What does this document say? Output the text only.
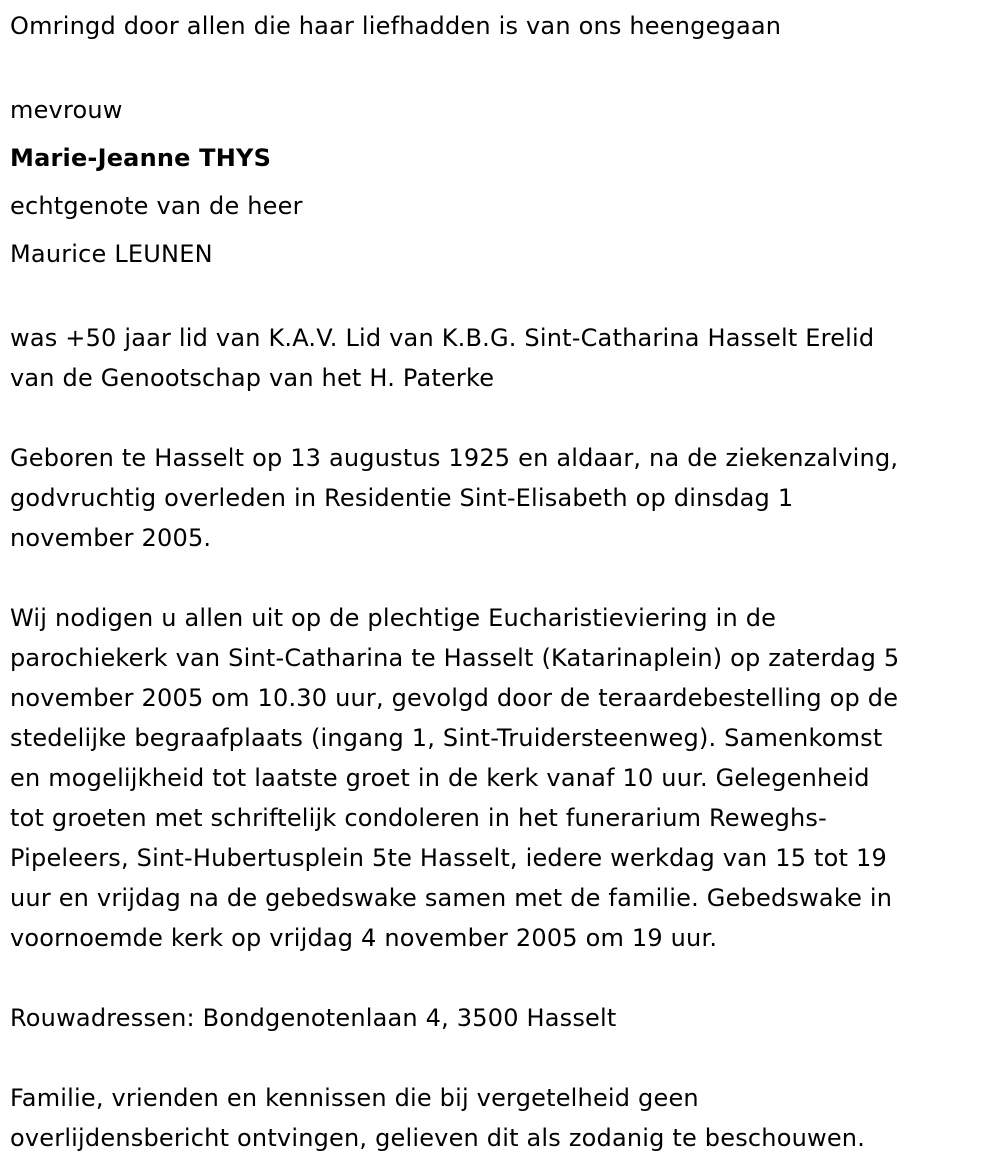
Omringd door allen die haar liefhadden is van ons heengegaan

mevrouw

Marie-Jeanne THYS

echtgenote van de heer

Maurice LEUNEN

was +50 jaar lid van K.A.V. Lid van K.B.G. Sint-Catharina Hasselt Erelid

van de Genootschap van het H. Paterke

Geboren te Hasselt op 13 augustus 1925 en aldaar, na de ziekenzalving,

godvruchtig overleden in Residentie Sint-Elisabeth op dinsdag 1

november 2005.

Wij nodigen u allen uit op de plechtige Eucharistieviering in de

parochiekerk van Sint-Catharina te Hasselt (Katarinaplein) op zaterdag 5

november 2005 om 10.30 uur, gevolgd door de teraardebestelling op de

stedelijke begraafplaats (ingang 1, Sint-Truidersteenweg). Samenkomst

en mogelijkheid tot laatste groet in de kerk vanaf 10 uur. Gelegenheid

tot groeten met schriftelijk condoleren in het funerarium Reweghs-

Pipeleers, Sint-Hubertusplein 5te Hasselt, iedere werkdag van 15 tot 19

uur en vrijdag na de gebedswake samen met de familie. Gebedswake in

voornoemde kerk op vrijdag 4 november 2005 om 19 uur.

Rouwadressen: Bondgenotenlaan 4, 3500 Hasselt

Familie, vrienden en kennissen die bij vergetelheid geen

overlijdensbericht ontvingen, gelieven dit als zodanig te beschouwen.
